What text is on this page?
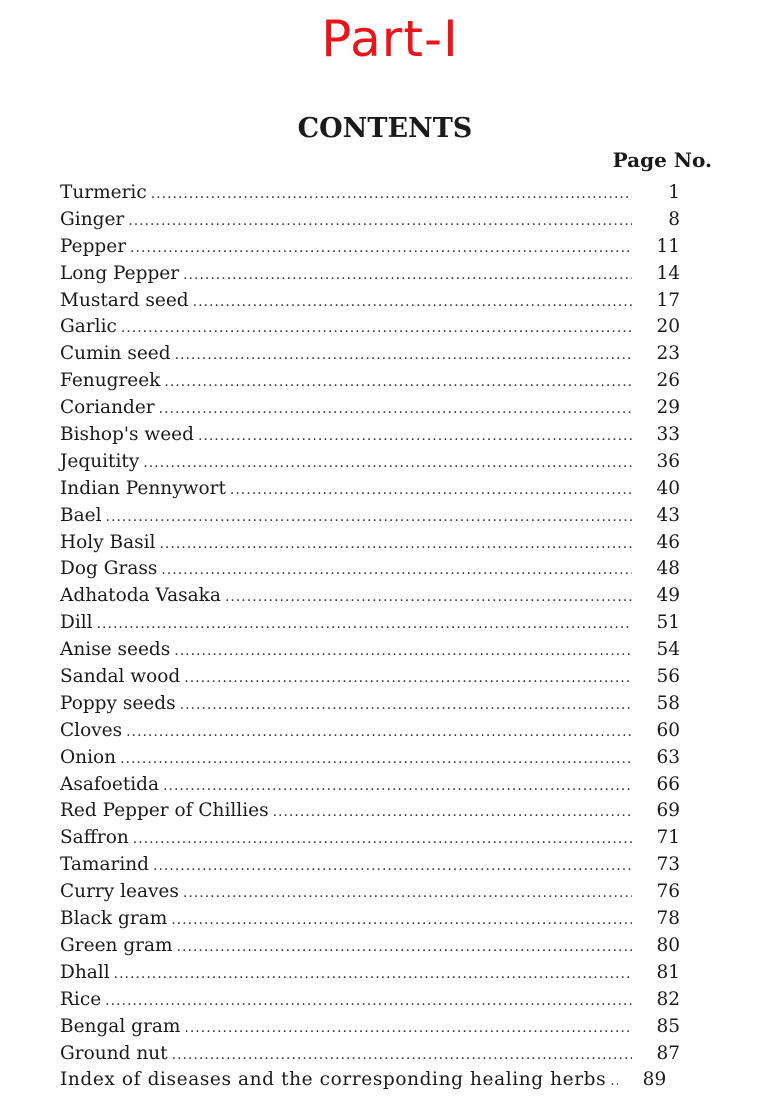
Part-I
CONTENTS
Page No.
Turmeric .....	1
Ginger .....	8
Pepper .....	11
Long Pepper .....	14
Mustard seed .....	17
Garlic .....	20
Cumin seed .....	23
Fenugreek .....	26
Coriander .....	29
Bishop's weed .....	33
Jequitity .....	36
Indian Pennywort .....	40
Bael .....	43
Holy Basil .....	46
Dog Grass .....	48
Adhatoda Vasaka .....	49
Dill .....	51
Anise seeds .....	54
Sandal wood .....	56
Poppy seeds .....	58
Cloves .....	60
Onion .....	63
Asafoetida .....	66
Red Pepper of Chillies .....	69
Saffron .....	71
Tamarind .....	73
Curry leaves .....	76
Black gram .....	78
Green gram .....	80
Dhall .....	81
Rice .....	82
Bengal gram .....	85
Ground nut .....	87
Index of diseases and the corresponding healing herbs .....	89
